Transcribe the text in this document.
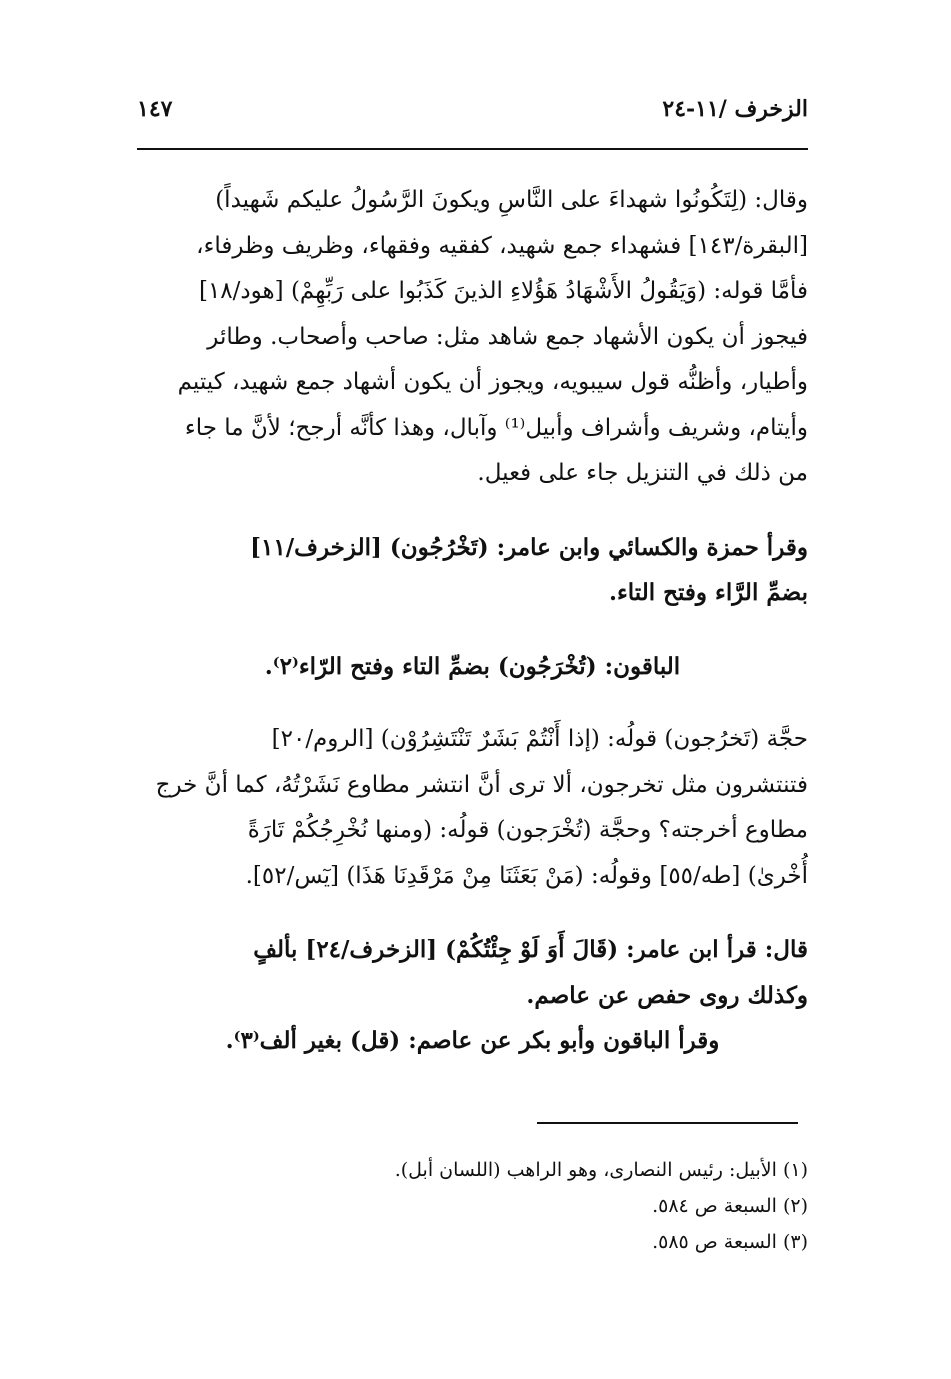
الزخرف /١١-٢٤
١٤٧

وقال: (لِتَكُونُوا شهداءَ على النَّاسِ ويكونَ الرَّسُولُ عليكم شَهيداً)
[البقرة/١٤٣] فشهداء جمع شهيد، كفقيه وفقهاء، وظريف وظرفاء،
فأمَّا قوله: (وَيَقُولُ الأَشْهَادُ هَؤُلاءِ الذينَ كَذَبُوا على رَبِّهِمْ) [هود/١٨]
فيجوز أن يكون الأشهاد جمع شاهد مثل: صاحب وأصحاب. وطائر
وأطيار، وأظنُّه قول سيبويه، ويجوز أن يكون أشهاد جمع شهيد، كيتيم
وأيتام، وشريف وأشراف وأبيل⁽¹⁾ وآبال، وهذا كأنَّه أرجح؛ لأنَّ ما جاء
من ذلك في التنزيل جاء على فعيل.

وقرأ حمزة والكسائي وابن عامر: (تَخْرُجُون) [الزخرف/١١]
بضمِّ الرَّاء وفتح التاء.

الباقون: (تُخْرَجُون) بضمِّ التاء وفتح الرّاء⁽٢⁾.

حجَّة (تَخرُجون) قولُه: (إذا أَنْتُمْ بَشَرٌ تَنْتَشِرُوْن) [الروم/٢٠]
فتنتشرون مثل تخرجون، ألا ترى أنَّ انتشر مطاوع نَشَرْتُهُ، كما أنَّ خرج
مطاوع أخرجته؟ وحجَّة (تُخْرَجون) قولُه: (ومنها نُخْرِجُكُمْ تَارَةً
أُخْرىٰ) [طه/٥٥] وقولُه: (مَنْ بَعَثَنَا مِنْ مَرْقَدِنَا هَذَا) [يٓس/٥٢].

قال: قرأ ابن عامر: (قَالَ أَوَ لَوْ جِئْتُكُمْ) [الزخرف/٢٤] بألفٍ
وكذلك روى حفص عن عاصم.

وقرأ الباقون وأبو بكر عن عاصم: (قل) بغير ألف⁽٣⁾.

(١) الأبيل: رئيس النصارى، وهو الراهب (اللسان أبل).
(٢) السبعة ص ٥٨٤.
(٣) السبعة ص ٥٨٥.
